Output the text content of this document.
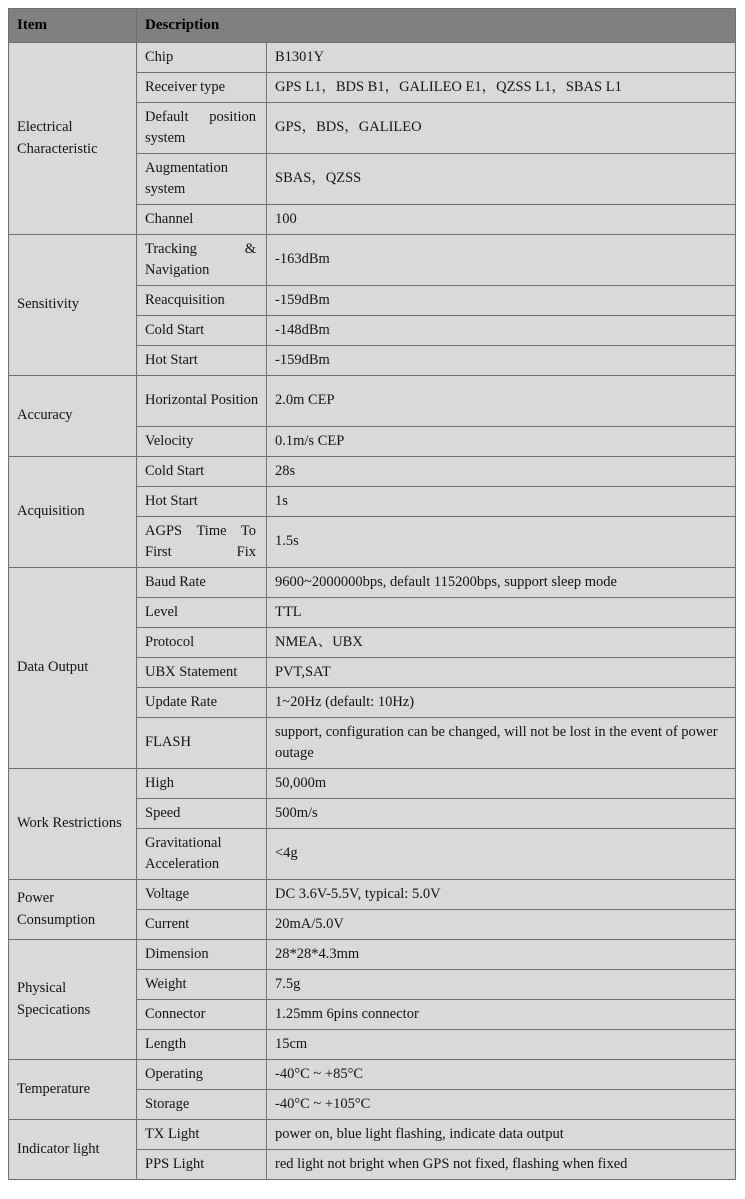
Item	Description	
Electrical Characteristic	Chip	B1301Y
	Receiver type	GPS L1，BDS B1，GALILEO E1，QZSS L1，SBAS L1
	Default position system	GPS，BDS，GALILEO
	Augmentation system	SBAS，QZSS
	Channel	100
Sensitivity	Tracking & Navigation	-163dBm
	Reacquisition	-159dBm
	Cold Start	-148dBm
	Hot Start	-159dBm
Accuracy	Horizontal Position	2.0m CEP
	Velocity	0.1m/s CEP
Acquisition	Cold Start	28s
	Hot Start	1s
	AGPS Time To First Fix	1.5s
Data Output	Baud Rate	9600~2000000bps, default 115200bps, support sleep mode
	Level	TTL
	Protocol	NMEA、UBX
	UBX Statement	PVT,SAT
	Update Rate	1~20Hz (default: 10Hz)
	FLASH	support, configuration can be changed, will not be lost in the event of power outage
Work Restrictions	High	50,000m
	Speed	500m/s
	Gravitational Acceleration	<4g
Power Consumption	Voltage	DC 3.6V-5.5V, typical: 5.0V
	Current	20mA/5.0V
Physical Specications	Dimension	28*28*4.3mm
	Weight	7.5g
	Connector	1.25mm 6pins connector
	Length	15cm
Temperature	Operating	-40°C ~ +85°C
	Storage	-40°C ~ +105°C
Indicator light	TX Light	power on, blue light flashing, indicate data output
	PPS Light	red light not bright when GPS not fixed, flashing when fixed
